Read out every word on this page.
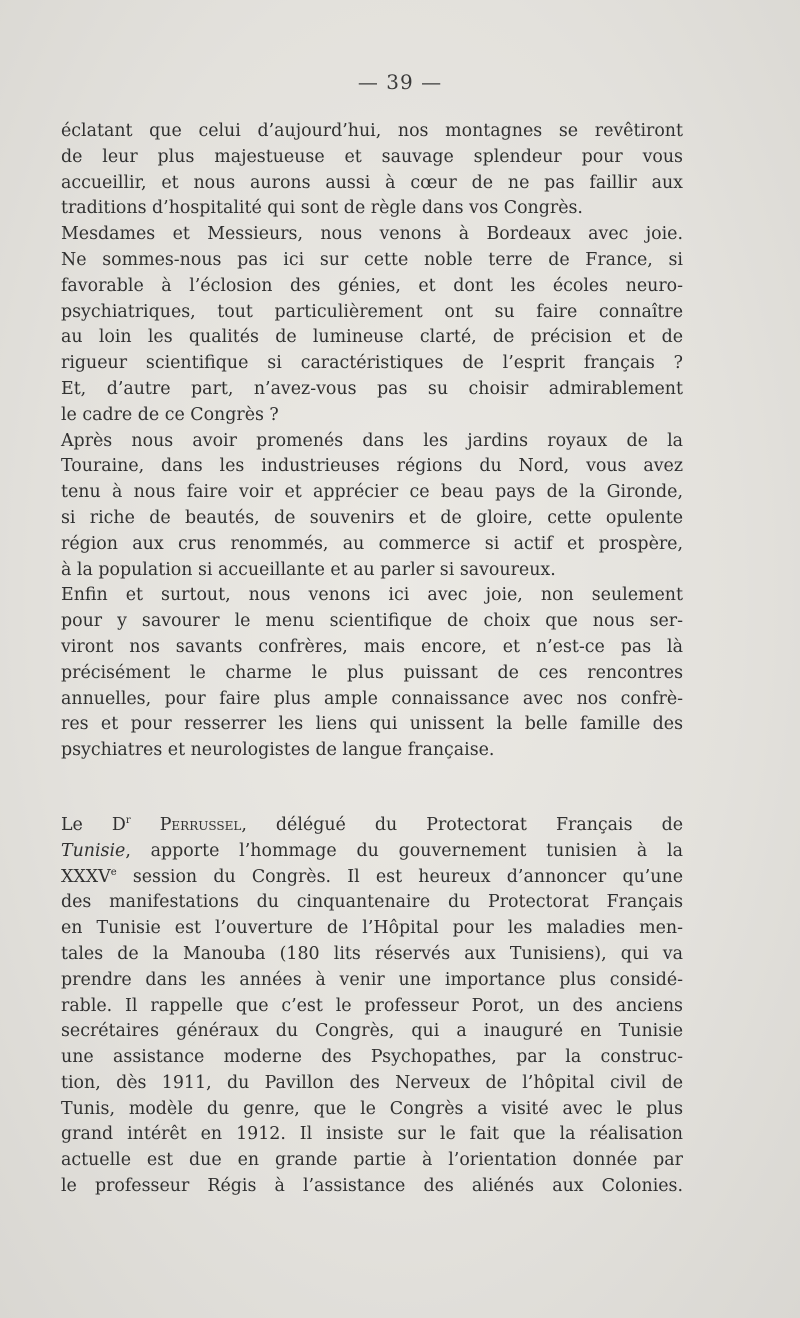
— 39 —
éclatant que celui d’aujourd’hui, nos montagnes se revêtiront
de leur plus majestueuse et sauvage splendeur pour vous
accueillir, et nous aurons aussi à cœur de ne pas faillir aux
traditions d’hospitalité qui sont de règle dans vos Congrès.
Mesdames et Messieurs, nous venons à Bordeaux avec joie.
Ne sommes-nous pas ici sur cette noble terre de France, si
favorable à l’éclosion des génies, et dont les écoles neuro-
psychiatriques, tout particulièrement ont su faire connaître
au loin les qualités de lumineuse clarté, de précision et de
rigueur scientifique si caractéristiques de l’esprit français ?
Et, d’autre part, n’avez-vous pas su choisir admirablement
le cadre de ce Congrès ?
Après nous avoir promenés dans les jardins royaux de la
Touraine, dans les industrieuses régions du Nord, vous avez
tenu à nous faire voir et apprécier ce beau pays de la Gironde,
si riche de beautés, de souvenirs et de gloire, cette opulente
région aux crus renommés, au commerce si actif et prospère,
à la population si accueillante et au parler si savoureux.
Enfin et surtout, nous venons ici avec joie, non seulement
pour y savourer le menu scientifique de choix que nous ser-
viront nos savants confrères, mais encore, et n’est-ce pas là
précisément le charme le plus puissant de ces rencontres
annuelles, pour faire plus ample connaissance avec nos confrè-
res et pour resserrer les liens qui unissent la belle famille des
psychiatres et neurologistes de langue française.
Le $D^r$ Perrussel, délégué du Protectorat Français de
Tunisie, apporte l’hommage du gouvernement tunisien à la
XXXVe session du Congrès. Il est heureux d’annoncer qu’une
des manifestations du cinquantenaire du Protectorat Français
en Tunisie est l’ouverture de l’Hôpital pour les maladies men-
tales de la Manouba (180 lits réservés aux Tunisiens), qui va
prendre dans les années à venir une importance plus considé-
rable. Il rappelle que c’est le professeur Porot, un des anciens
secrétaires généraux du Congrès, qui a inauguré en Tunisie
une assistance moderne des Psychopathes, par la construc-
tion, dès 1911, du Pavillon des Nerveux de l’hôpital civil de
Tunis, modèle du genre, que le Congrès a visité avec le plus
grand intérêt en 1912. Il insiste sur le fait que la réalisation
actuelle est due en grande partie à l’orientation donnée par
le professeur Régis à l’assistance des aliénés aux Colonies.
